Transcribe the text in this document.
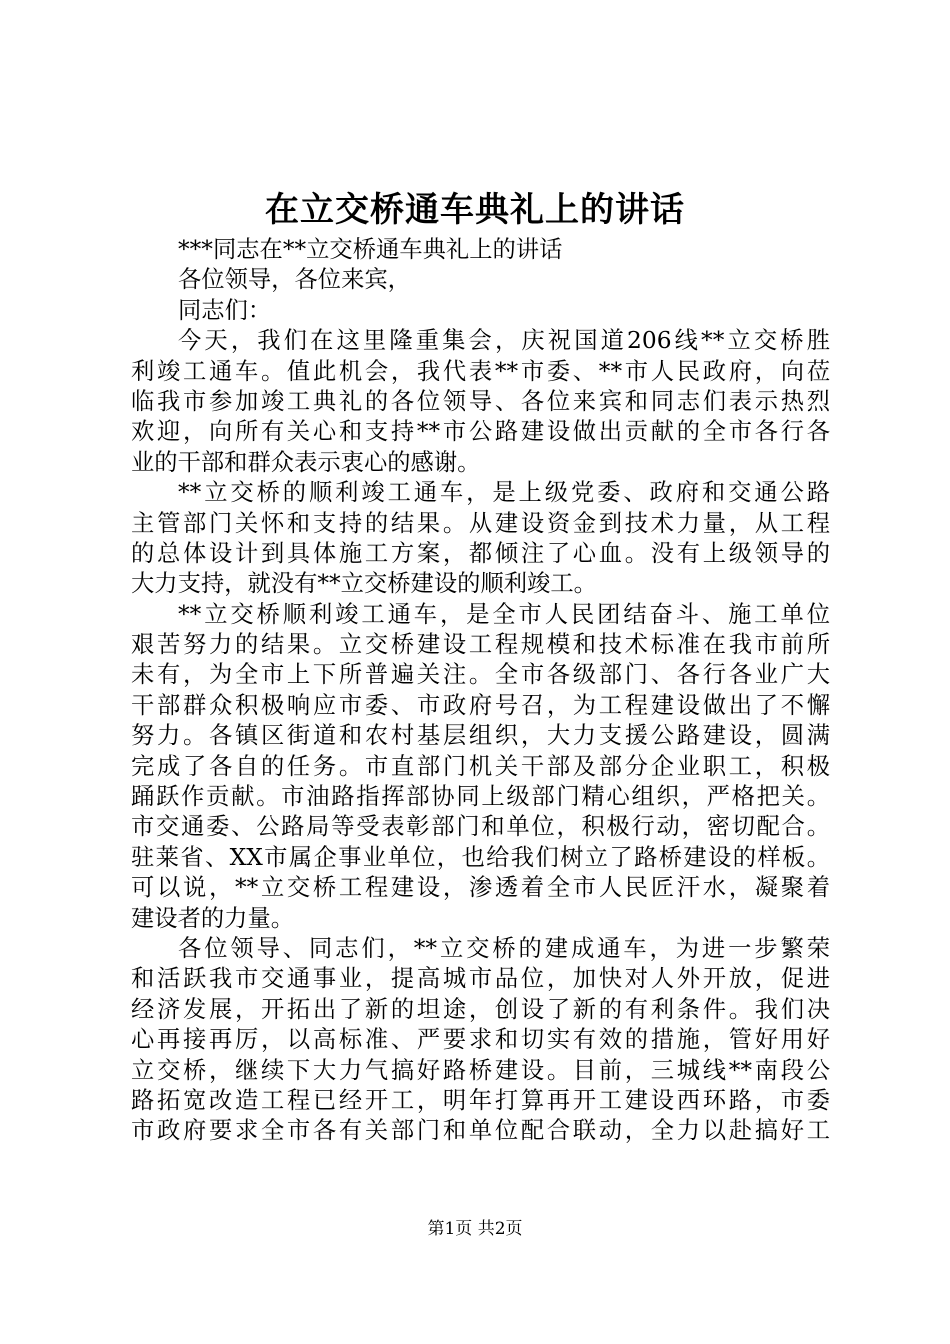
在立交桥通车典礼上的讲话
***同志在**立交桥通车典礼上的讲话
各位领导，各位来宾，
同志们：
今天，我们在这里隆重集会，庆祝国道206线**立交桥胜
利竣工通车。值此机会，我代表**市委、**市人民政府，向莅
临我市参加竣工典礼的各位领导、各位来宾和同志们表示热烈
欢迎，向所有关心和支持**市公路建设做出贡献的全市各行各
业的干部和群众表示衷心的感谢。
**立交桥的顺利竣工通车，是上级党委、政府和交通公路
主管部门关怀和支持的结果。从建设资金到技术力量，从工程
的总体设计到具体施工方案，都倾注了心血。没有上级领导的
大力支持，就没有**立交桥建设的顺利竣工。
**立交桥顺利竣工通车，是全市人民团结奋斗、施工单位
艰苦努力的结果。立交桥建设工程规模和技术标准在我市前所
未有，为全市上下所普遍关注。全市各级部门、各行各业广大
干部群众积极响应市委、市政府号召，为工程建设做出了不懈
努力。各镇区街道和农村基层组织，大力支援公路建设，圆满
完成了各自的任务。市直部门机关干部及部分企业职工，积极
踊跃作贡献。市油路指挥部协同上级部门精心组织，严格把关。
市交通委、公路局等受表彰部门和单位，积极行动，密切配合。
驻莱省、XX市属企事业单位，也给我们树立了路桥建设的样板。
可以说，**立交桥工程建设，渗透着全市人民匠汗水，凝聚着
建设者的力量。
各位领导、同志们，**立交桥的建成通车，为进一步繁荣
和活跃我市交通事业，提高城市品位，加快对人外开放，促进
经济发展，开拓出了新的坦途，创设了新的有利条件。我们决
心再接再厉，以高标准、严要求和切实有效的措施，管好用好
立交桥，继续下大力气搞好路桥建设。目前，三城线**南段公
路拓宽改造工程已经开工，明年打算再开工建设西环路，市委
市政府要求全市各有关部门和单位配合联动，全力以赴搞好工
第1页 共2页
